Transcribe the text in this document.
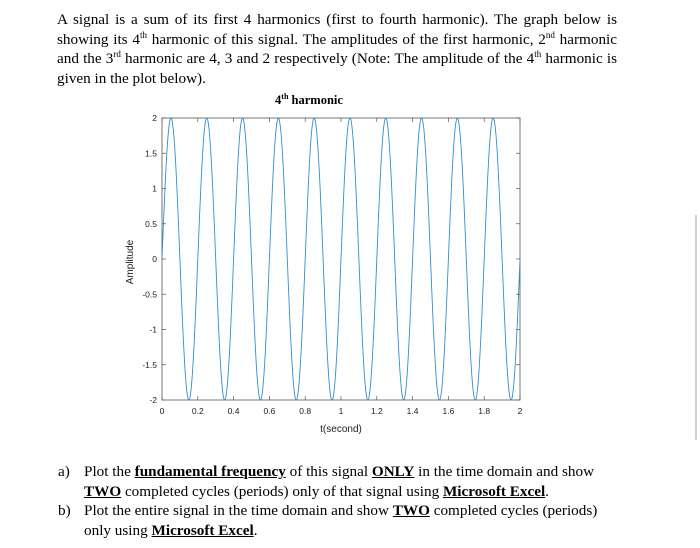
A signal is a sum of its first 4 harmonics (first to fourth harmonic). The graph below is showing its 4th harmonic of this signal. The amplitudes of the first harmonic, 2nd harmonic and the 3rd harmonic are 4, 3 and 2 respectively (Note: The amplitude of the 4th harmonic is given in the plot below).
4th harmonic
0	0.2	0.4	0.6	0.8	1	1.2	1.4	1.6	1.8	2
-2
-1.5
-1
-0.5
0
0.5
1
1.5
2
t(second)
Amplitude
a) Plot the fundamental frequency of this signal ONLY in the time domain and show TWO completed cycles (periods) only of that signal using Microsoft Excel.
b) Plot the entire signal in the time domain and show TWO completed cycles (periods) only using Microsoft Excel.
